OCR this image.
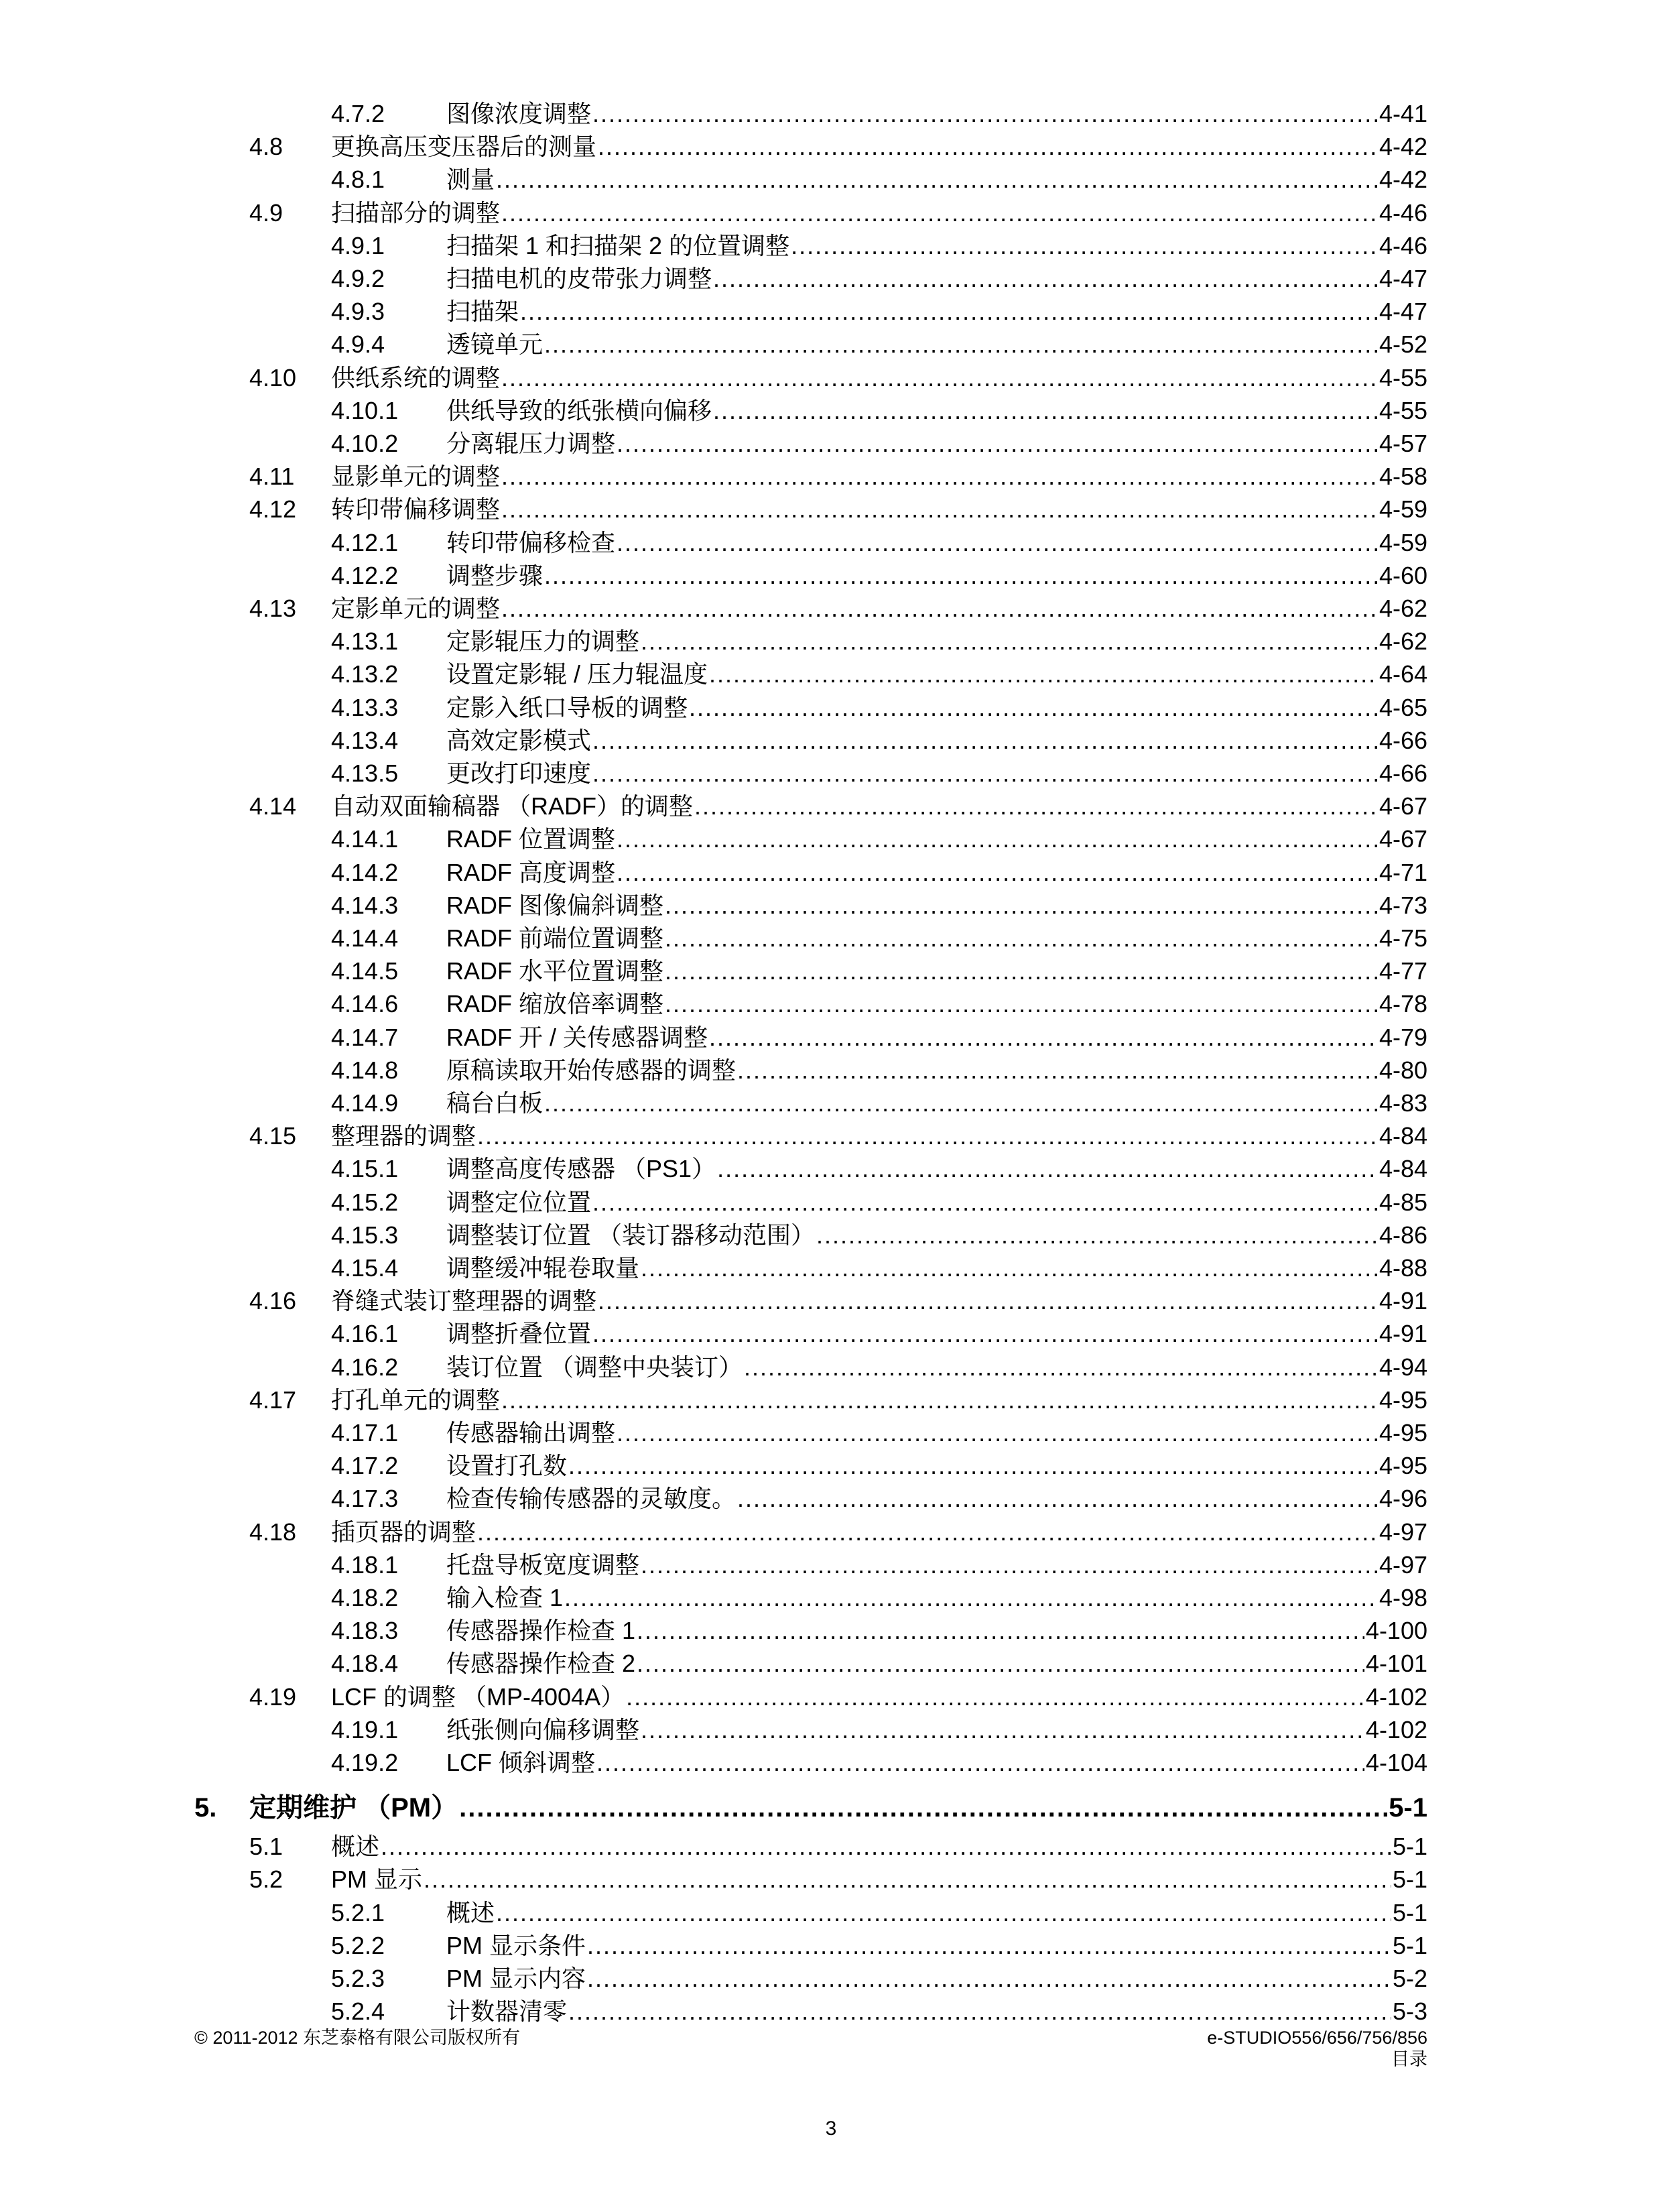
4.7.2	图像浓度调整 .....	4-41
4.8 更换高压变压器后的测量 .....	4-42
4.8.1	测量 .....	4-42
4.9 扫描部分的调整 .....	4-46
4.9.1	扫描架 1 和扫描架 2 的位置调整 .....	4-46
4.9.2	扫描电机的皮带张力调整 .....	4-47
4.9.3	扫描架 .....	4-47
4.9.4	透镜单元 .....	4-52
4.10 供纸系统的调整 .....	4-55
4.10.1 供纸导致的纸张横向偏移 .....	4-55
4.10.2 分离辊压力调整 .....	4-57
4.11 显影单元的调整 .....	4-58
4.12 转印带偏移调整 .....	4-59
4.12.1 转印带偏移检查 .....	4-59
4.12.2 调整步骤 .....	4-60
4.13 定影单元的调整 .....	4-62
4.13.1 定影辊压力的调整 .....	4-62
4.13.2 设置定影辊 / 压力辊温度 .....	4-64
4.13.3 定影入纸口导板的调整 .....	4-65
4.13.4 高效定影模式 .....	4-66
4.13.5 更改打印速度 .....	4-66
4.14 自动双面输稿器 （RADF）的调整 .....	4-67
4.14.1 RADF 位置调整 .....	4-67
4.14.2 RADF 高度调整 .....	4-71
4.14.3 RADF 图像偏斜调整 .....	4-73
4.14.4 RADF 前端位置调整 .....	4-75
4.14.5 RADF 水平位置调整 .....	4-77
4.14.6 RADF 缩放倍率调整 .....	4-78
4.14.7 RADF 开 / 关传感器调整 .....	4-79
4.14.8 原稿读取开始传感器的调整 .....	4-80
4.14.9 稿台白板 .....	4-83
4.15 整理器的调整 .....	4-84
4.15.1 调整高度传感器 （PS1） .....	4-84
4.15.2 调整定位位置 .....	4-85
4.15.3 调整装订位置 （装订器移动范围） .....	4-86
4.15.4 调整缓冲辊卷取量 .....	4-88
4.16 脊缝式装订整理器的调整 .....	4-91
4.16.1 调整折叠位置 .....	4-91
4.16.2 装订位置 （调整中央装订） .....	4-94
4.17 打孔单元的调整 .....	4-95
4.17.1 传感器输出调整 .....	4-95
4.17.2 设置打孔数 .....	4-95
4.17.3 检查传输传感器的灵敏度。 .....	4-96
4.18 插页器的调整 .....	4-97
4.18.1 托盘导板宽度调整 .....	4-97
4.18.2 输入检查 1 .....	4-98
4.18.3 传感器操作检查 1 .....	4-100
4.18.4 传感器操作检查 2 .....	4-101
4.19 LCF 的调整 （MP-4004A） .....	4-102
4.19.1 纸张侧向偏移调整 .....	4-102
4.19.2 LCF 倾斜调整 .....	4-104
5. 定期维护 （PM） .....	5-1
5.1 概述 .....	5-1
5.2 PM 显示 .....	5-1
5.2.1	概述 .....	5-1
5.2.2	PM 显示条件 .....	5-1
5.2.3	PM 显示内容 .....	5-2
5.2.4	计数器清零 .....	5-3
© 2011-2012 东芝泰格有限公司版权所有	e-STUDIO556/656/756/856
目录
3
